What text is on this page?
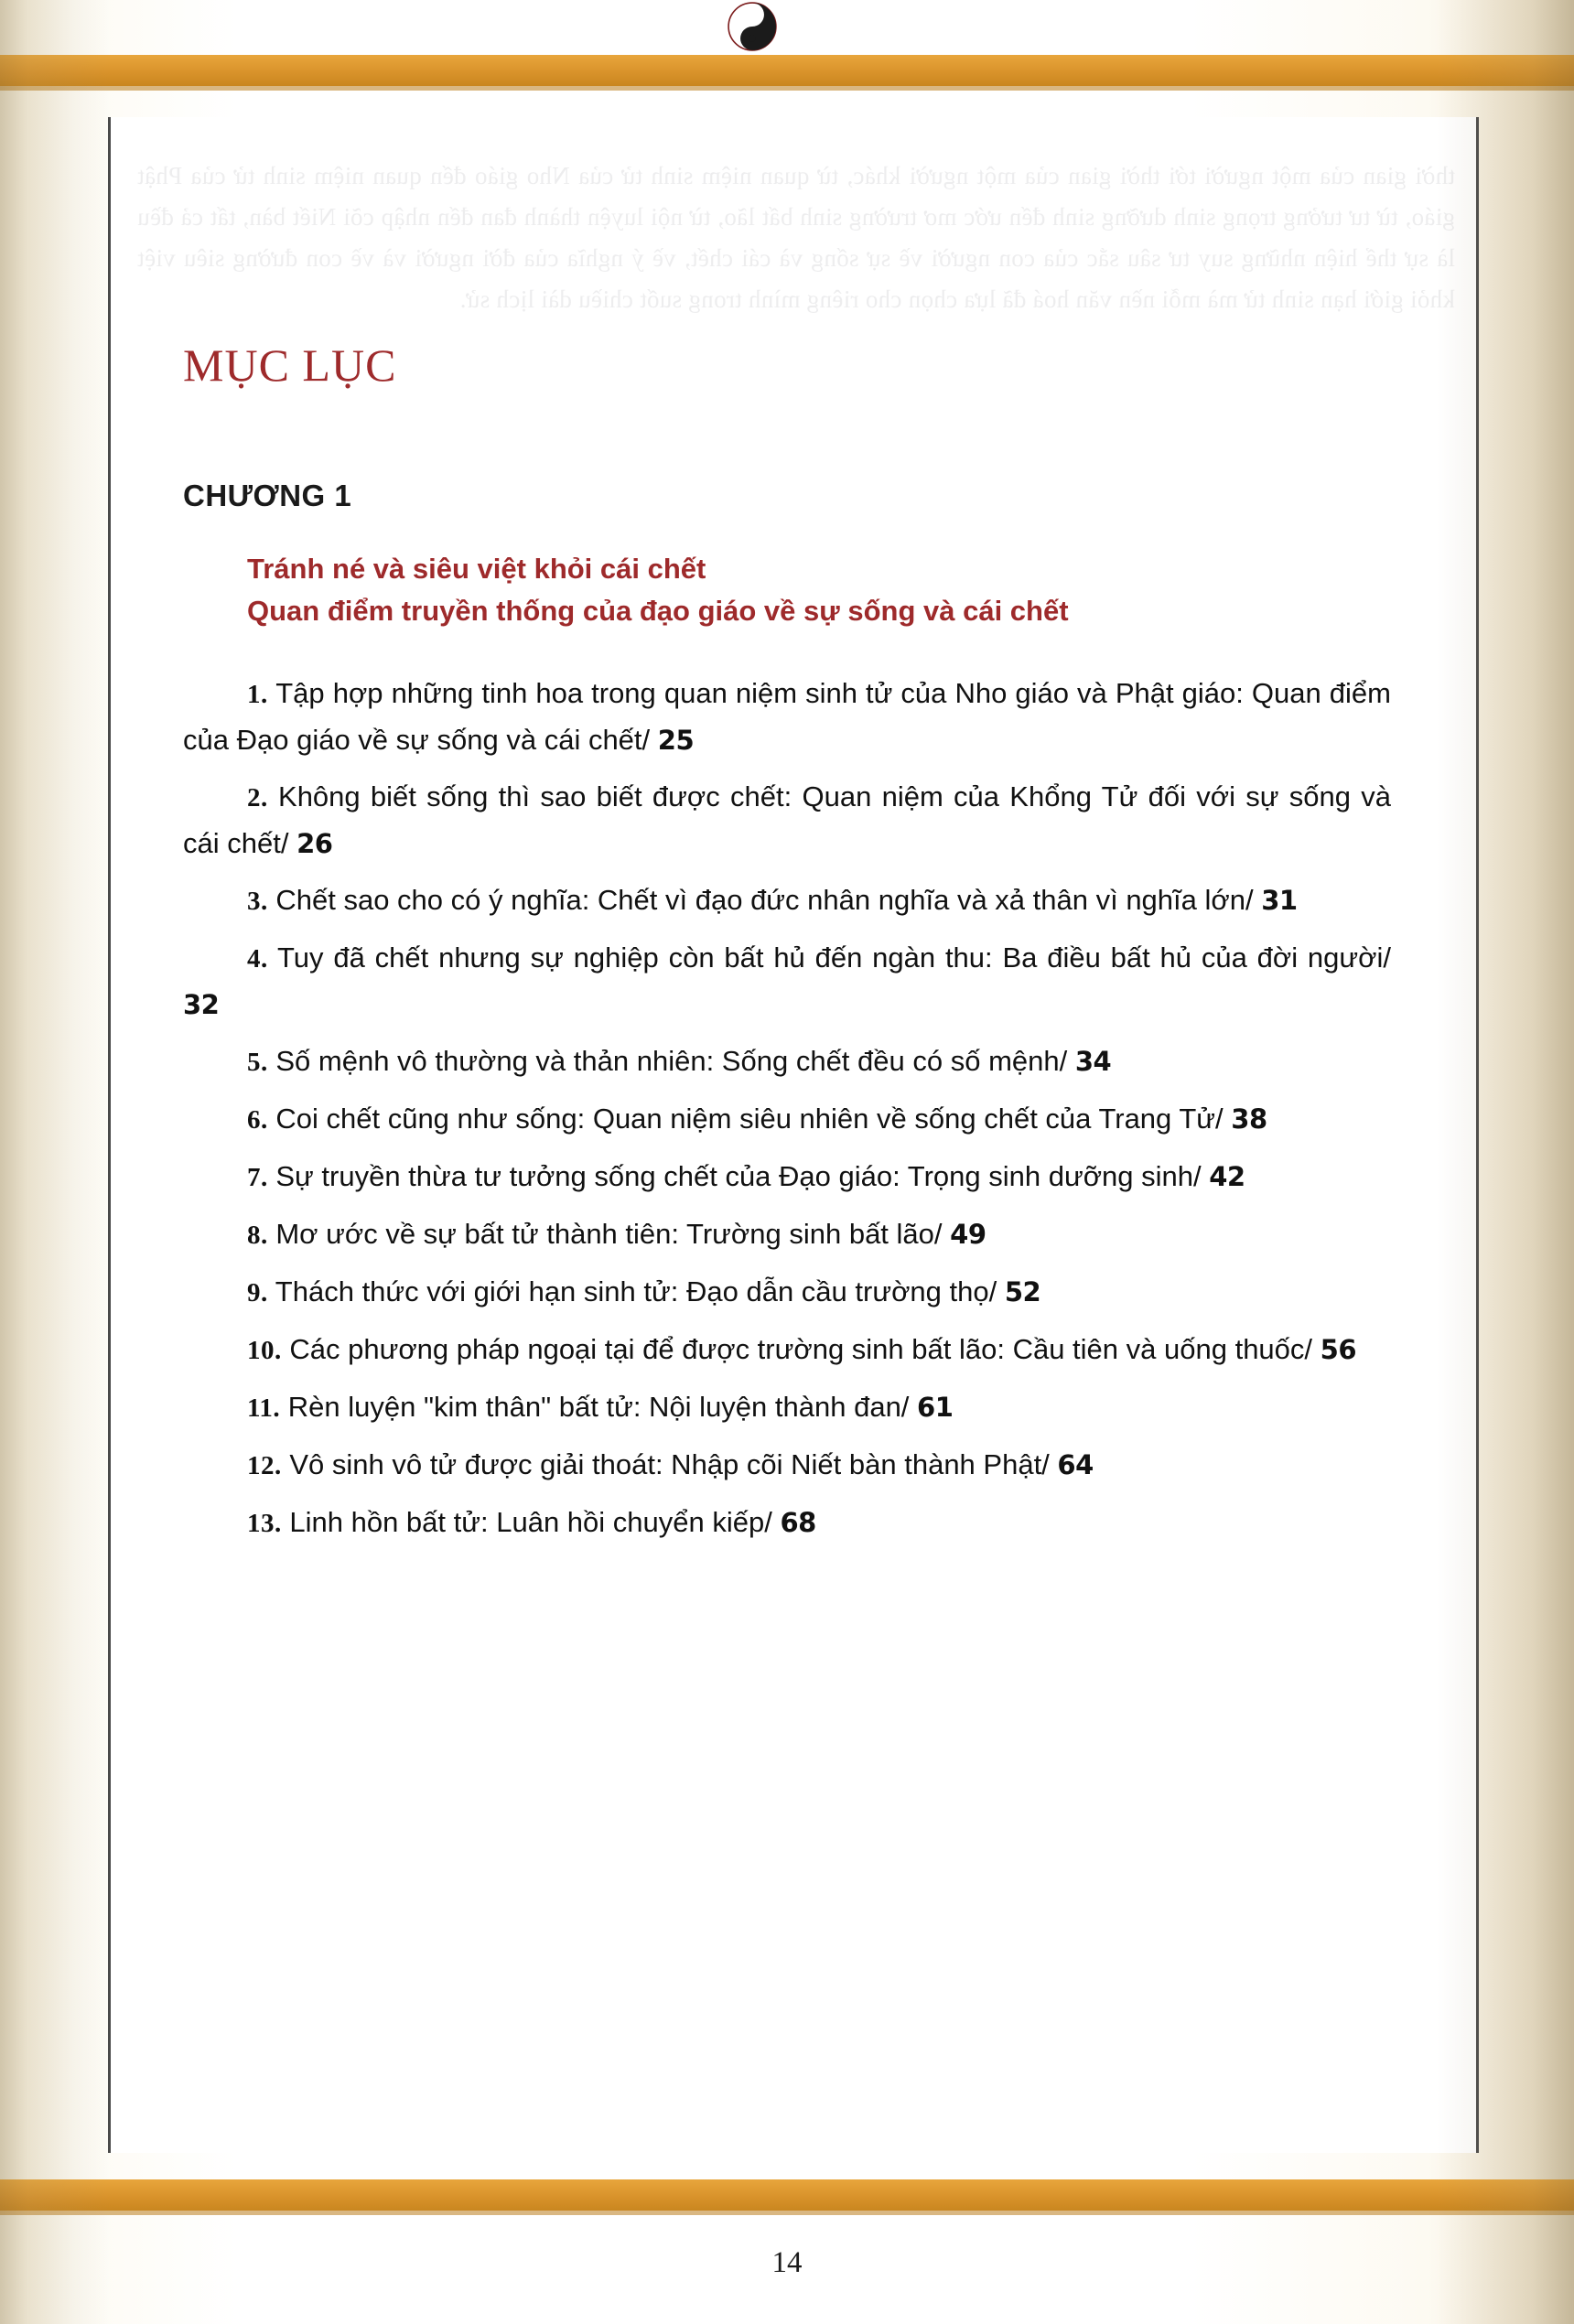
MỤC LỤC
CHƯƠNG 1
Tránh né và siêu việt khỏi cái chết
Quan điểm truyền thống của đạo giáo về sự sống và cái chết

1. Tập hợp những tinh hoa trong quan niệm sinh tử của Nho giáo và Phật giáo: Quan điểm của Đạo giáo về sự sống và cái chết/ 25

2. Không biết sống thì sao biết được chết: Quan niệm của Khổng Tử đối với sự sống và cái chết/ 26

3. Chết sao cho có ý nghĩa: Chết vì đạo đức nhân nghĩa và xả thân vì nghĩa lớn/ 31

4. Tuy đã chết nhưng sự nghiệp còn bất hủ đến ngàn thu: Ba điều bất hủ của đời người/ 32

5. Số mệnh vô thường và thản nhiên: Sống chết đều có số mệnh/ 34

6. Coi chết cũng như sống: Quan niệm siêu nhiên về sống chết của Trang Tử/ 38

7. Sự truyền thừa tư tưởng sống chết của Đạo giáo: Trọng sinh dưỡng sinh/ 42

8. Mơ ước về sự bất tử thành tiên: Trường sinh bất lão/ 49

9. Thách thức với giới hạn sinh tử: Đạo dẫn cầu trường thọ/ 52

10. Các phương pháp ngoại tại để được trường sinh bất lão: Cầu tiên và uống thuốc/ 56

11. Rèn luyện "kim thân" bất tử: Nội luyện thành đan/ 61

12. Vô sinh vô tử được giải thoát: Nhập cõi Niết bàn thành Phật/ 64

13. Linh hồn bất tử: Luân hồi chuyển kiếp/ 68

14
